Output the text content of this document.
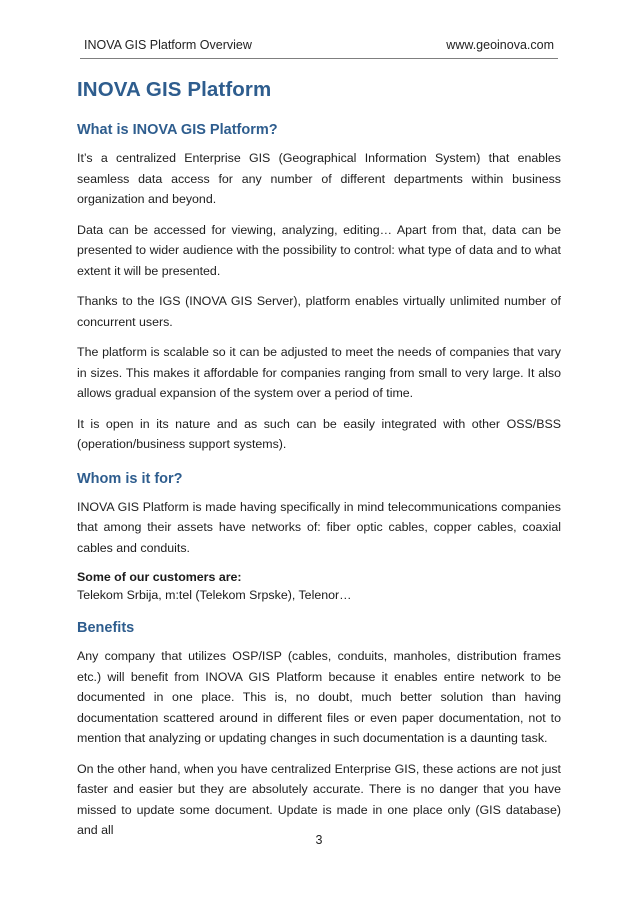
INOVA GIS Platform Overview	www.geoinova.com
INOVA GIS Platform
What is INOVA GIS Platform?

It’s a centralized Enterprise GIS (Geographical Information System) that enables seamless data access for any number of different departments within business organization and beyond.

Data can be accessed for viewing, analyzing, editing… Apart from that, data can be presented to wider audience with the possibility to control: what type of data and to what extent it will be presented.

Thanks to the IGS (INOVA GIS Server), platform enables virtually unlimited number of concurrent users.

The platform is scalable so it can be adjusted to meet the needs of companies that vary in sizes. This makes it affordable for companies ranging from small to very large. It also allows gradual expansion of the system over a period of time.

It is open in its nature and as such can be easily integrated with other OSS/BSS (operation/business support systems).

Whom is it for?

INOVA GIS Platform is made having specifically in mind telecommunications companies that among their assets have networks of: fiber optic cables, copper cables, coaxial cables and conduits.

Some of our customers are:
Telekom Srbija, m:tel (Telekom Srpske), Telenor…
Benefits

Any company that utilizes OSP/ISP (cables, conduits, manholes, distribution frames etc.) will benefit from INOVA GIS Platform because it enables entire network to be documented in one place. This is, no doubt, much better solution than having documentation scattered around in different files or even paper documentation, not to mention that analyzing or updating changes in such documentation is a daunting task.

On the other hand, when you have centralized Enterprise GIS, these actions are not just faster and easier but they are absolutely accurate. There is no danger that you have missed to update some document. Update is made in one place only (GIS database) and all

3
